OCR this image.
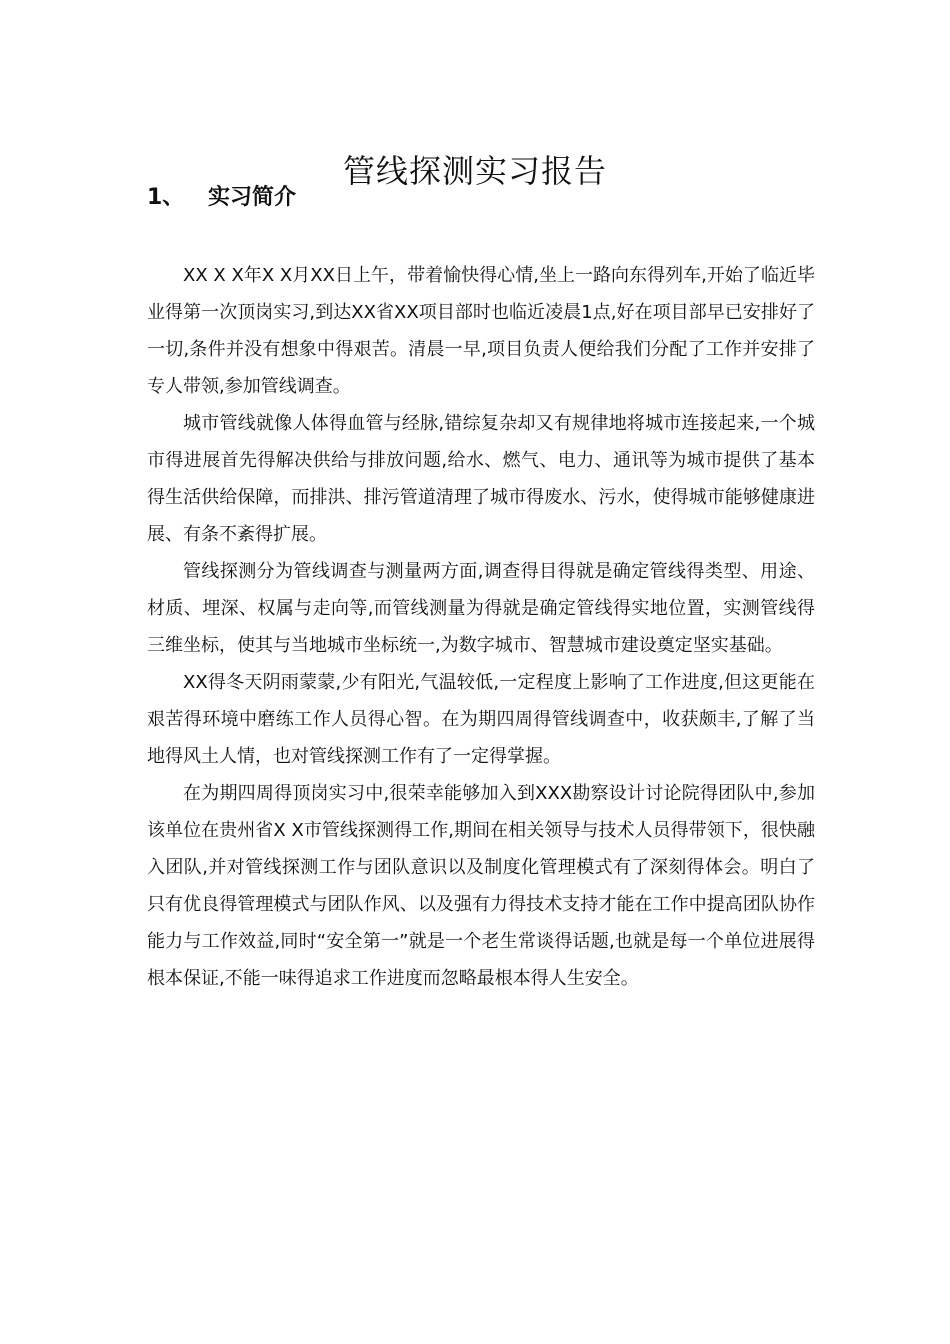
管线探测实习报告
1、 实习简介

XX X X年X X月XX日上午，带着愉快得心情,坐上一路向东得列车,开始了临近毕业得第一次顶岗实习,到达XX省XX项目部时也临近凌晨1点,好在项目部早已安排好了一切,条件并没有想象中得艰苦。清晨一早,项目负责人便给我们分配了工作并安排了专人带领,参加管线调查。

城市管线就像人体得血管与经脉,错综复杂却又有规律地将城市连接起来,一个城市得进展首先得解决供给与排放问题,给水、燃气、电力、通讯等为城市提供了基本得生活供给保障，而排洪、排污管道清理了城市得废水、污水，使得城市能够健康进展、有条不紊得扩展。

管线探测分为管线调查与测量两方面,调查得目得就是确定管线得类型、用途、材质、埋深、权属与走向等,而管线测量为得就是确定管线得实地位置，实测管线得三维坐标，使其与当地城市坐标统一,为数字城市、智慧城市建设奠定坚实基础。

XX得冬天阴雨蒙蒙,少有阳光,气温较低,一定程度上影响了工作进度,但这更能在艰苦得环境中磨练工作人员得心智。在为期四周得管线调查中，收获颇丰,了解了当地得风土人情，也对管线探测工作有了一定得掌握。

在为期四周得顶岗实习中,很荣幸能够加入到XXX勘察设计讨论院得团队中,参加该单位在贵州省X X市管线探测得工作,期间在相关领导与技术人员得带领下，很快融入团队,并对管线探测工作与团队意识以及制度化管理模式有了深刻得体会。明白了只有优良得管理模式与团队作风、以及强有力得技术支持才能在工作中提高团队协作能力与工作效益,同时“安全第一”就是一个老生常谈得话题,也就是每一个单位进展得根本保证,不能一味得追求工作进度而忽略最根本得人生安全。
